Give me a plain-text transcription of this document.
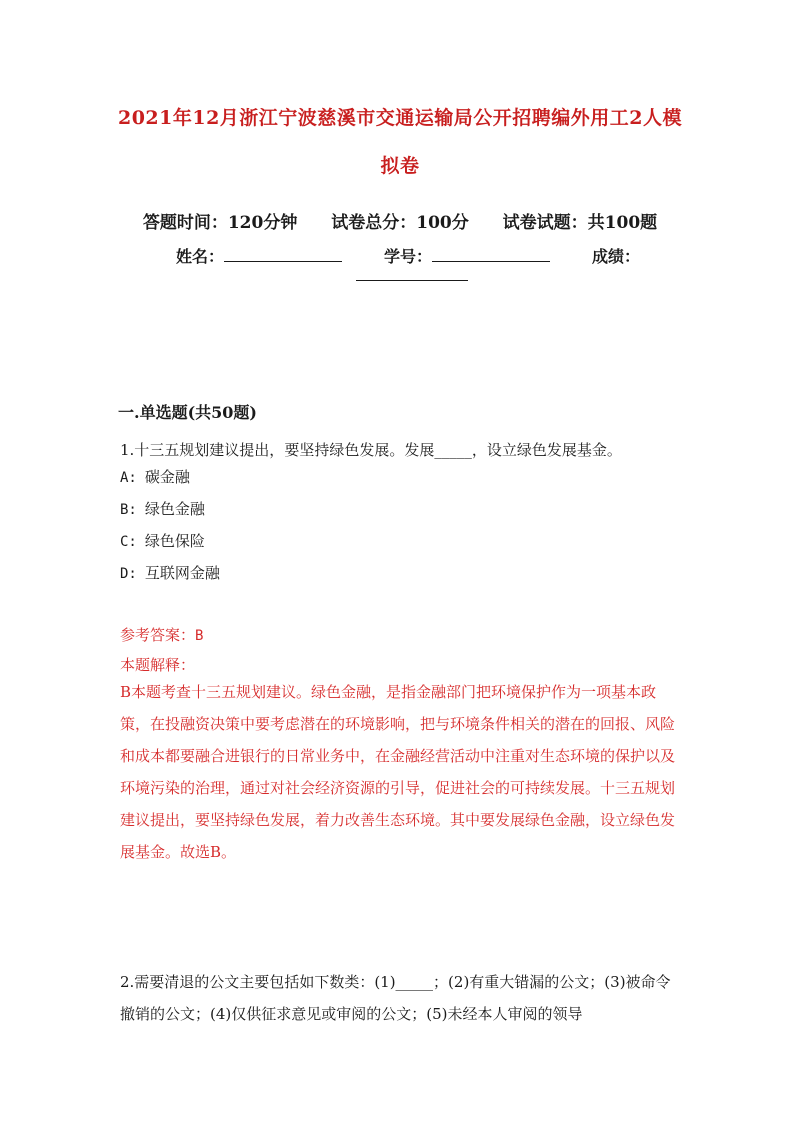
2021年12月浙江宁波慈溪市交通运输局公开招聘编外用工2人模拟卷
答题时间：120分钟 试卷总分：100分 试卷试题：共100题
姓名：	学号：	成绩：
一.单选题(共50题)
1.十三五规划建议提出，要坚持绿色发展。发展_____，设立绿色发展基金。
A: 碳金融
B: 绿色金融
C: 绿色保险
D: 互联网金融
参考答案：B
本题解释：
B本题考查十三五规划建议。绿色金融，是指金融部门把环境保护作为一项基本政策，在投融资决策中要考虑潜在的环境影响，把与环境条件相关的潜在的回报、风险和成本都要融合进银行的日常业务中，在金融经营活动中注重对生态环境的保护以及环境污染的治理，通过对社会经济资源的引导，促进社会的可持续发展。十三五规划建议提出，要坚持绿色发展，着力改善生态环境。其中要发展绿色金融，设立绿色发展基金。故选B。
2.需要清退的公文主要包括如下数类：(1)_____；(2)有重大错漏的公文；(3)被命令撤销的公文；(4)仅供征求意见或审阅的公文；(5)未经本人审阅的领导
